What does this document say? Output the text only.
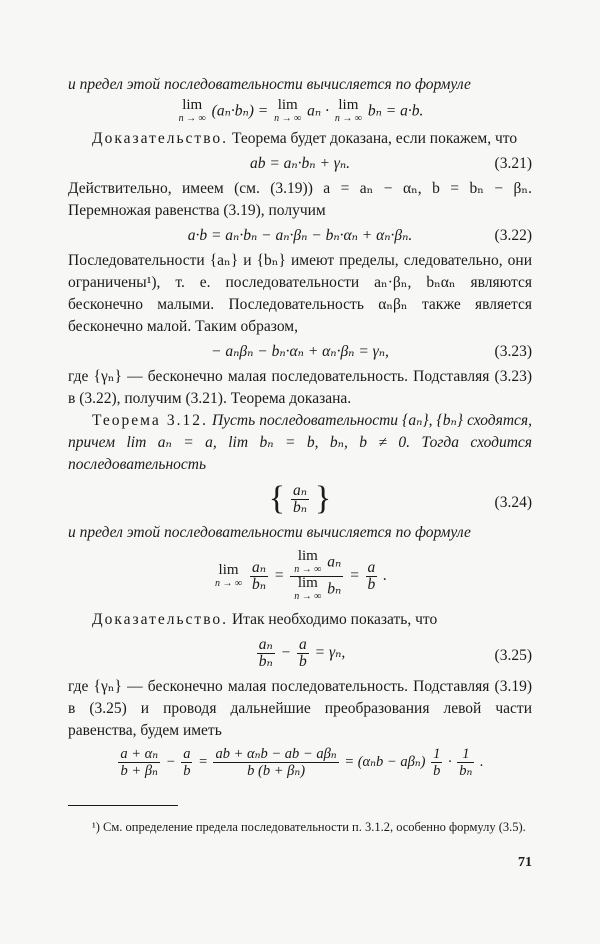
и предел этой последовательности вычисляется по формуле

lim
n → ∞ (aₙ·bₙ) = lim
n → ∞ aₙ · lim
n → ∞ bₙ = a·b.

Доказательство. Теорема будет доказана, если покажем, что

ab = aₙ·bₙ + γₙ.	(3.21)

Действительно, имеем (см. (3.19)) a = aₙ − αₙ, b = bₙ − βₙ. Перемножая равенства (3.19), получим

a·b = aₙ·bₙ − aₙ·βₙ − bₙ·αₙ + αₙ·βₙ.	(3.22)

Последовательности {aₙ} и {bₙ} имеют пределы, следовательно, они ограничены¹), т. е. последовательности aₙ·βₙ, bₙαₙ являются бесконечно малыми. Последовательность αₙβₙ также является бесконечно малой. Таким образом,

− aₙβₙ − bₙ·αₙ + αₙ·βₙ = γₙ,	(3.23)

где {γₙ} — бесконечно малая последовательность. Подставляя (3.23) в (3.22), получим (3.21). Теорема доказана.

Теорема 3.12. Пусть последовательности {aₙ}, {bₙ} сходятся, причем lim aₙ = a, lim bₙ = b, bₙ, b ≠ 0. Тогда сходится последовательность

{ $\frac{\text{aₙ}}{\text{bₙ}}$ }	(3.24)

и предел этой последовательности вычисляется по формуле

lim
n → ∞
$\frac{\text{aₙ}}{\text{bₙ}} = \lim$
n → ∞ aₙ
lim
n → ∞ $b_n = \frac{a}{b}$ .

Доказательство. Итак необходимо показать, что

$\frac{\text{aₙ}}{\text{bₙ}} - \frac{a}{b} = \gamma_n$,	(3.25)

где {γₙ} — бесконечно малая последовательность. Подставляя (3.19) в (3.25) и проводя дальнейшие преобразования левой части равенства, будем иметь

$\frac{\text{a + αₙ}}{\text{b + βₙ}} - \frac{a}{b} = \frac{\text{ab + αₙb − ab − aβₙ}}{\text{b (b + βₙ)}} = (\alpha_nb - a\beta_n) \frac{1}{b} \cdot \frac{1}{\text{bₙ}}$ .

¹) См. определение предела последовательности п. 3.1.2, особенно формулу (3.5).

71
